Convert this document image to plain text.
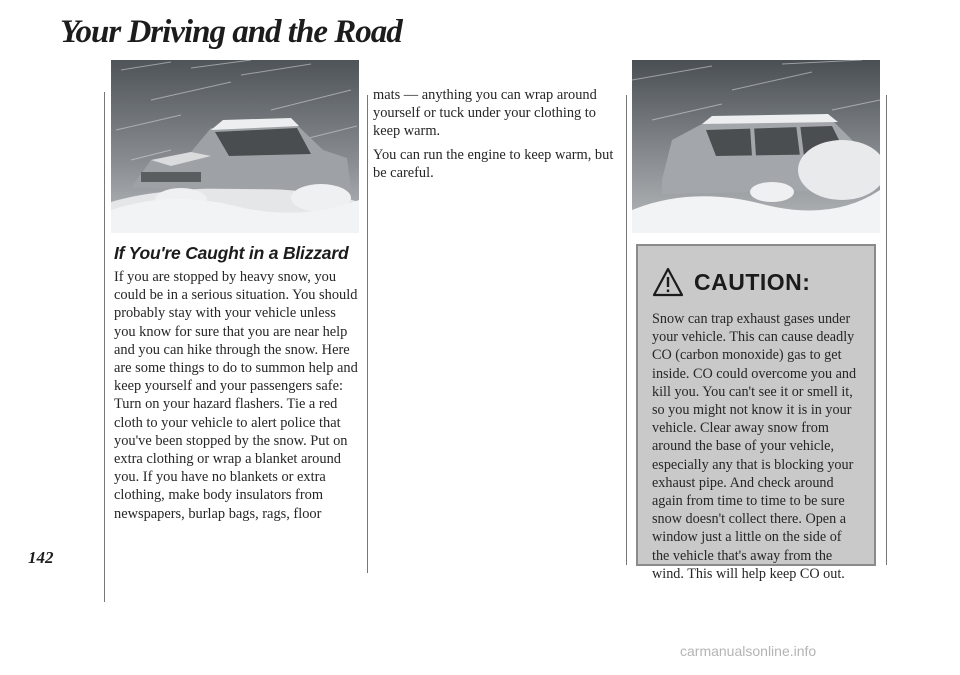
Your Driving and the Road
If You're Caught in a Blizzard

If you are stopped by heavy snow, you could be in a serious situation. You should probably stay with your vehicle unless you know for sure that you are near help and you can hike through the snow. Here are some things to do to summon help and keep yourself and your passengers safe: Turn on your hazard flashers. Tie a red cloth to your vehicle to alert police that you've been stopped by the snow. Put on extra clothing or wrap a blanket around you. If you have no blankets or extra clothing, make body insulators from newspapers, burlap bags, rags, floor

mats — anything you can wrap around yourself or tuck under your clothing to keep warm.

You can run the engine to keep warm, but be careful.

CAUTION:

Snow can trap exhaust gases under your vehicle. This can cause deadly CO (carbon monoxide) gas to get inside. CO could overcome you and kill you. You can't see it or smell it, so you might not know it is in your vehicle. Clear away snow from around the base of your vehicle, especially any that is blocking your exhaust pipe. And check around again from time to time to be sure snow doesn't collect there. Open a window just a little on the side of the vehicle that's away from the wind. This will help keep CO out.

142
carmanualsonline.info
